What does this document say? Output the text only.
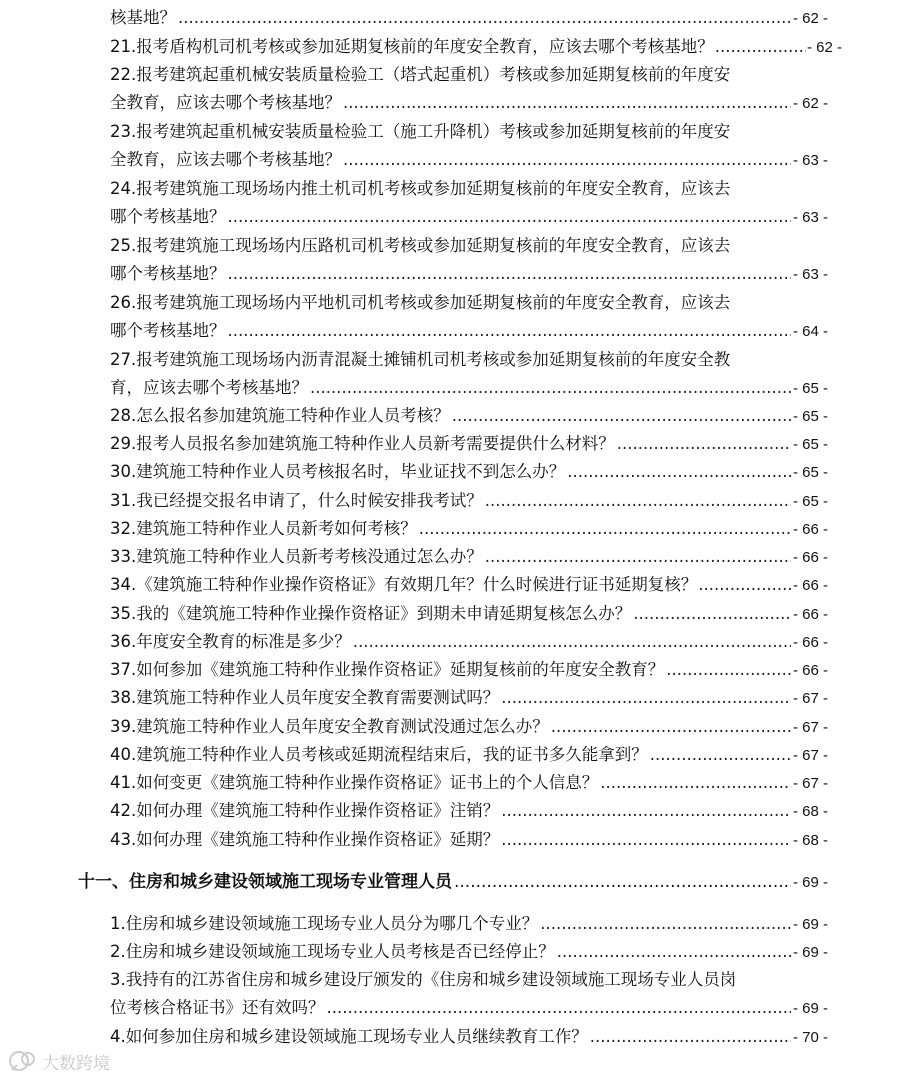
核基地？ .....	- 62 -
21.报考盾构机司机考核或参加延期复核前的年度安全教育，应该去哪个考核基地？ .....	- 62 -
22.报考建筑起重机械安装质量检验工（塔式起重机）考核或参加延期复核前的年度安
全教育，应该去哪个考核基地？ .....	- 62 -
23.报考建筑起重机械安装质量检验工（施工升降机）考核或参加延期复核前的年度安
全教育，应该去哪个考核基地？ .....	- 63 -
24.报考建筑施工现场场内推土机司机考核或参加延期复核前的年度安全教育，应该去
哪个考核基地？ .....	- 63 -
25.报考建筑施工现场场内压路机司机考核或参加延期复核前的年度安全教育，应该去
哪个考核基地？ .....	- 63 -
26.报考建筑施工现场场内平地机司机考核或参加延期复核前的年度安全教育，应该去
哪个考核基地？ .....	- 64 -
27.报考建筑施工现场场内沥青混凝土摊铺机司机考核或参加延期复核前的年度安全教
育，应该去哪个考核基地？ .....	- 65 -
28.怎么报名参加建筑施工特种作业人员考核？ .....	- 65 -
29.报考人员报名参加建筑施工特种作业人员新考需要提供什么材料？ .....	- 65 -
30.建筑施工特种作业人员考核报名时，毕业证找不到怎么办？ .....	- 65 -
31.我已经提交报名申请了，什么时候安排我考试？ .....	- 65 -
32.建筑施工特种作业人员新考如何考核？ .....	- 66 -
33.建筑施工特种作业人员新考考核没通过怎么办？ .....	- 66 -
34.《建筑施工特种作业操作资格证》有效期几年？什么时候进行证书延期复核？ .....	- 66 -
35.我的《建筑施工特种作业操作资格证》到期未申请延期复核怎么办？ .....	- 66 -
36.年度安全教育的标准是多少？ .....	- 66 -
37.如何参加《建筑施工特种作业操作资格证》延期复核前的年度安全教育？ .....	- 66 -
38.建筑施工特种作业人员年度安全教育需要测试吗？ .....	- 67 -
39.建筑施工特种作业人员年度安全教育测试没通过怎么办？ .....	- 67 -
40.建筑施工特种作业人员考核或延期流程结束后，我的证书多久能拿到？ .....	- 67 -
41.如何变更《建筑施工特种作业操作资格证》证书上的个人信息？ .....	- 67 -
42.如何办理《建筑施工特种作业操作资格证》注销？ .....	- 68 -
43.如何办理《建筑施工特种作业操作资格证》延期？ .....	- 68 -
十一、住房和城乡建设领域施工现场专业管理人员 .....	- 69 -
1.住房和城乡建设领域施工现场专业人员分为哪几个专业？ .....	- 69 -
2.住房和城乡建设领域施工现场专业人员考核是否已经停止？ .....	- 69 -
3.我持有的江苏省住房和城乡建设厅颁发的《住房和城乡建设领域施工现场专业人员岗
位考核合格证书》还有效吗？ .....	- 69 -
4.如何参加住房和城乡建设领域施工现场专业人员继续教育工作？ .....	- 70 -
大数跨境
